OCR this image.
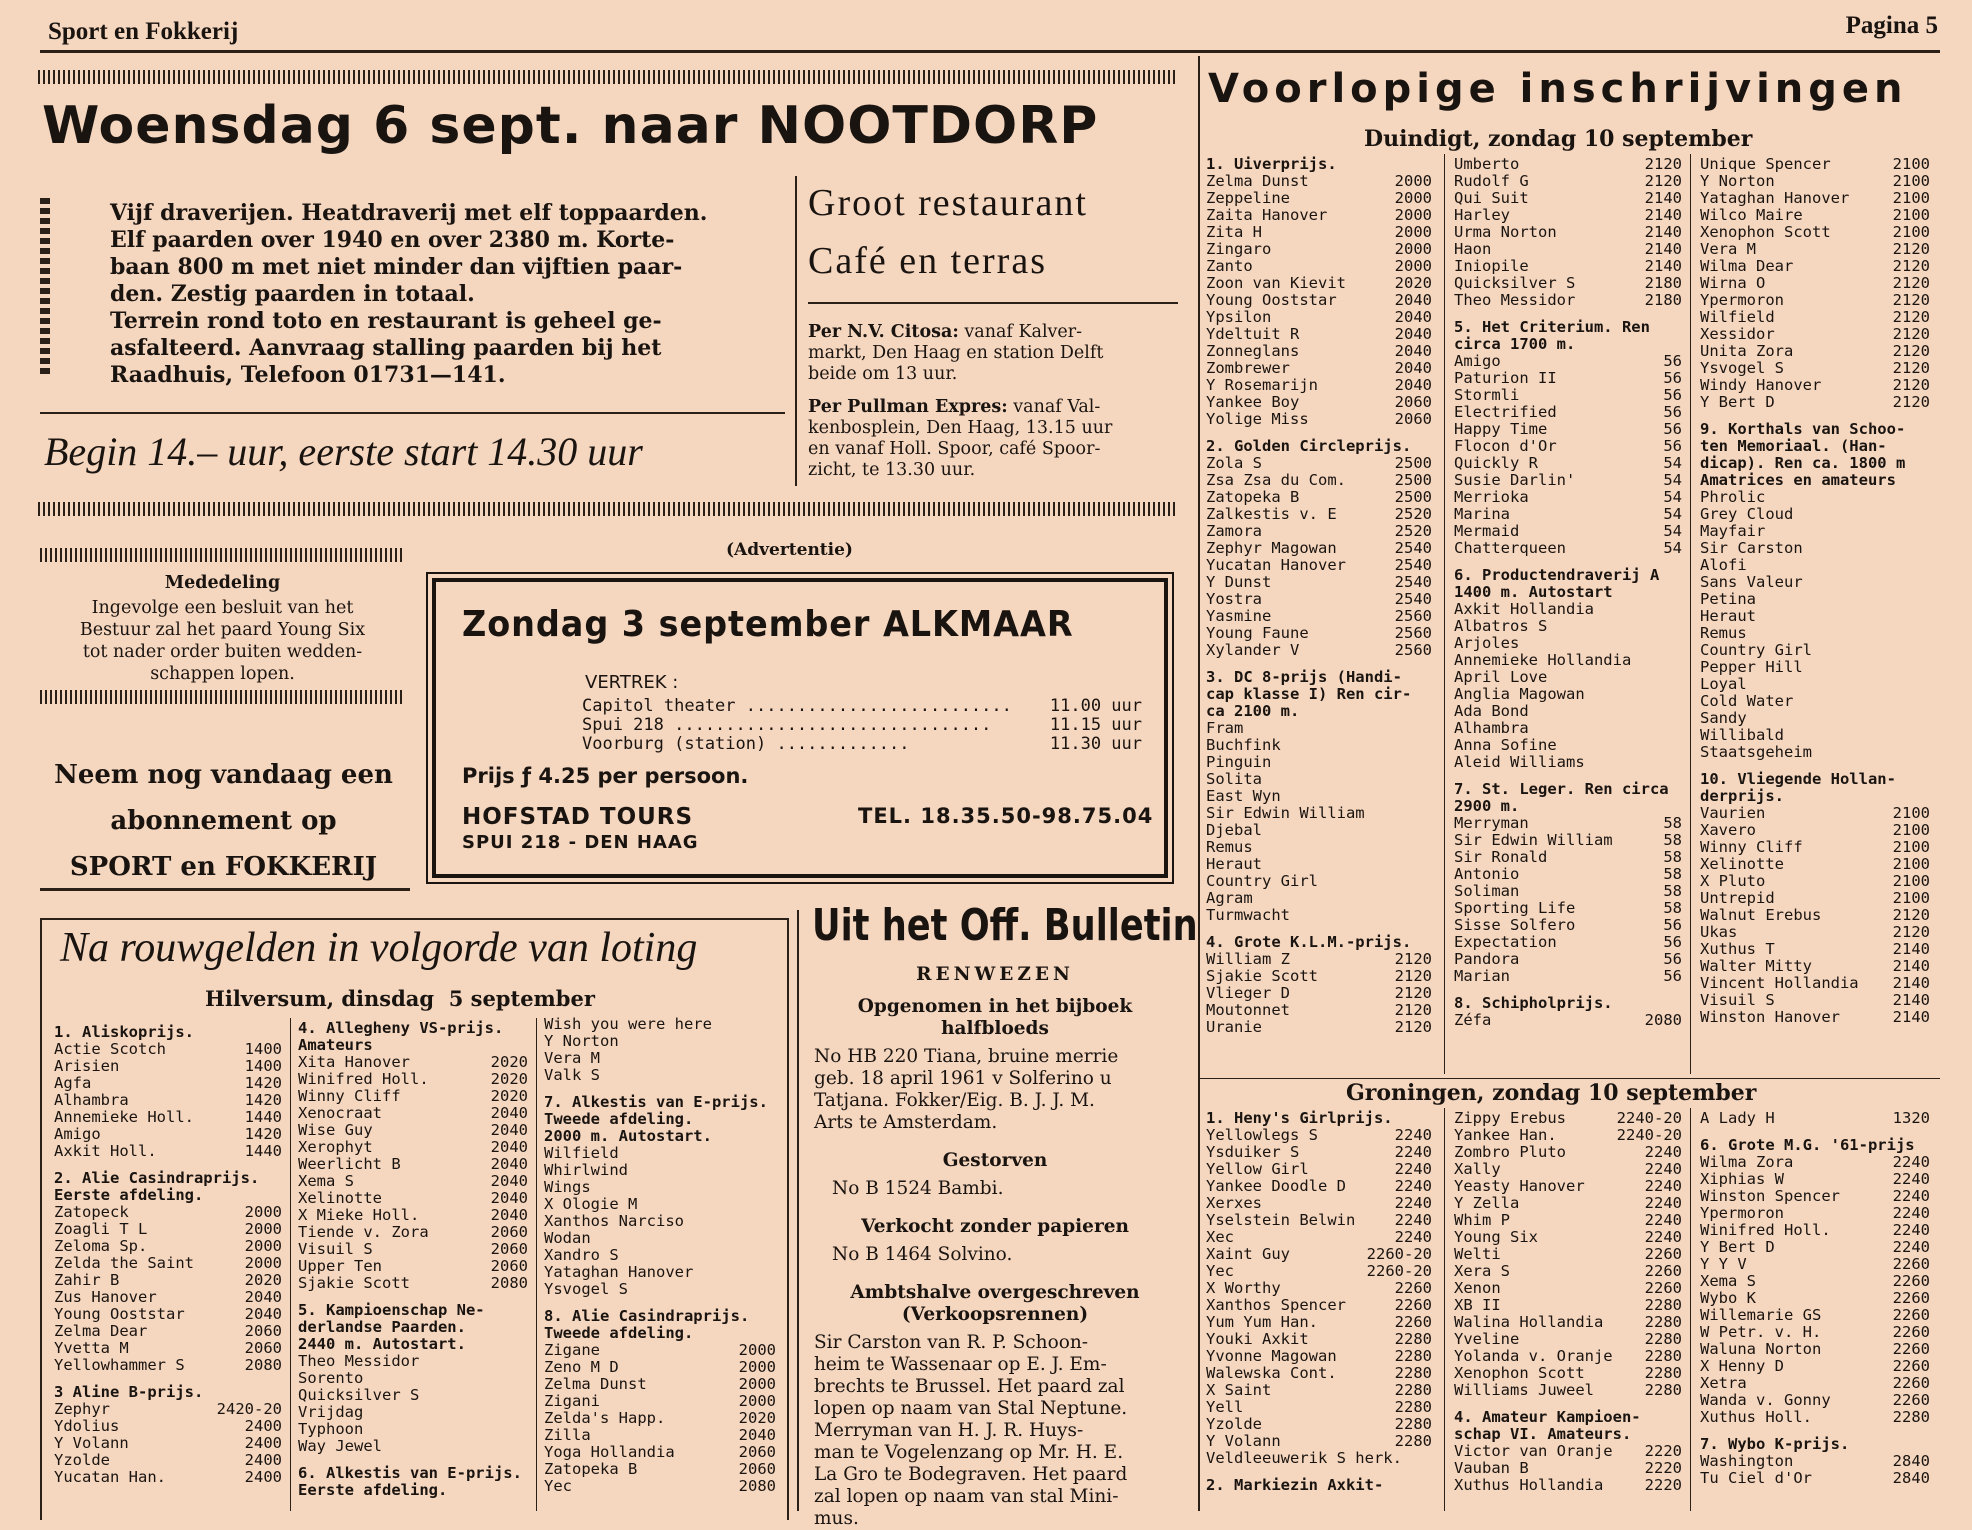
Sport en Fokkerij	Pagina 5
Woensdag 6 sept. naar NOOTDORP
Vijf draverijen. Heatdraverij met elf toppaarden.
Elf paarden over 1940 en over 2380 m. Korte-
baan 800 m met niet minder dan vijftien paar-
den. Zestig paarden in totaal.
Terrein rond toto en restaurant is geheel ge-
asfalteerd. Aanvraag stalling paarden bij het
Raadhuis, Telefoon 01731—141.
Begin 14.– uur, eerste start 14.30 uur
Groot restaurant
Café en terras
Per N.V. Citosa: vanaf Kalver-
markt, Den Haag en station Delft
beide om 13 uur.
Per Pullman Expres: vanaf Val-
kenbosplein, Den Haag, 13.15 uur
en vanaf Holl. Spoor, café Spoor-
zicht, te 13.30 uur.
Mededeling
Ingevolge een besluit van het
Bestuur zal het paard Young Six
tot nader order buiten wedden-
schappen lopen.
Neem nog vandaag een
abonnement op
SPORT en FOKKERIJ
(Advertentie)
Zondag 3 september ALKMAAR
VERTREK :
Capitol theater .......................... 11.00 uur
Spui 218 ...............................	11.15 uur
Voorburg (station) .............	11.30 uur
Prijs ƒ 4.25 per persoon.
HOFSTAD TOURS	TEL. 18.35.50-98.75.04
SPUI 218 - DEN HAAG
Na rouwgelden in volgorde van loting
Hilversum, dinsdag  5 september
1. Aliskoprijs.
Actie Scotch	1400
Arisien	1400
Agfa	1420
Alhambra	1420
Annemieke Holl.	1440
Amigo	1420
Axkit Holl.	1440
2. Alie Casindraprijs.
Eerste afdeling.
Zatopeck	2000
Zoagli T L	2000
Zeloma Sp.	2000
Zelda the Saint	2000
Zahir B	2020
Zus Hanover	2040
Young Ooststar	2040
Zelma Dear	2060
Yvetta M	2060
Yellowhammer S	2080
3 Aline B-prijs.
Zephyr	2420-20
Ydolius	2400
Y Volann	2400
Yzolde	2400
Yucatan Han.	2400
4. Allegheny VS-prijs.
Amateurs
Xita Hanover	2020
Winifred Holl.	2020
Winny Cliff	2020
Xenocraat	2040
Wise Guy	2040
Xerophyt	2040
Weerlicht B	2040
Xema S	2040
Xelinotte	2040
X Mieke Holl.	2040
Tiende v. Zora	2060
Visuil S	2060
Upper Ten	2060
Sjakie Scott	2080
5. Kampioenschap Ne-
derlandse Paarden.
2440 m. Autostart.
Theo Messidor
Sorento
Quicksilver S
Vrijdag
Typhoon
Way Jewel
6. Alkestis van E-prijs.
Eerste afdeling.
Wish you were here
Y Norton
Vera M
Valk S
7. Alkestis van E-prijs.
Tweede afdeling.
2000 m. Autostart.
Wilfield
Whirlwind
Wings
X Ologie M
Xanthos Narciso
Wodan
Xandro S
Yataghan Hanover
Ysvogel S
8. Alie Casindraprijs.
Tweede afdeling.
Zigane	2000
Zeno M D	2000
Zelma Dunst	2000
Zigani	2000
Zelda's Happ.	2020
Zilla	2040
Yoga Hollandia	2060
Zatopeka B	2060
Yec	2080
Uit het Off. Bulletin
RENWEZEN
Opgenomen in het bijboek
halfbloeds
No HB 220 Tiana, bruine merrie
geb. 18 april 1961 v Solferino u
Tatjana. Fokker/Eig. B. J. J. M.
Arts te Amsterdam.
Gestorven
No B 1524 Bambi.
Verkocht zonder papieren
No B 1464 Solvino.
Ambtshalve overgeschreven
(Verkoopsrennen)
Sir Carston van R. P. Schoon-
heim te Wassenaar op E. J. Em-
brechts te Brussel. Het paard zal
lopen op naam van Stal Neptune.
Merryman van H. J. R. Huys-
man te Vogelenzang op Mr. H. E.
La Gro te Bodegraven. Het paard
zal lopen op naam van stal Mini-
mus.
Voorlopige inschrijvingen
Duindigt, zondag 10 september
1. Uiverprijs.
Zelma Dunst	2000
Zeppeline	2000
Zaita Hanover	2000
Zita H	2000
Zingaro	2000
Zanto	2000
Zoon van Kievit	2020
Young Ooststar	2040
Ypsilon	2040
Ydeltuit R	2040
Zonneglans	2040
Zombrewer	2040
Y Rosemarijn	2040
Yankee Boy	2060
Yolige Miss	2060
2. Golden Circleprijs.
Zola S	2500
Zsa Zsa du Com.	2500
Zatopeka B	2500
Zalkestis v. E	2520
Zamora	2520
Zephyr Magowan	2540
Yucatan Hanover	2540
Y Dunst	2540
Yostra	2540
Yasmine	2560
Young Faune	2560
Xylander V	2560
3. DC 8-prijs (Handi-
cap klasse I) Ren cir-
ca 2100 m.
Fram
Buchfink
Pinguin
Solita
East Wyn
Sir Edwin William
Djebal
Remus
Heraut
Country Girl
Agram
Turmwacht
4. Grote K.L.M.-prijs.
William Z	2120
Sjakie Scott	2120
Vlieger D	2120
Moutonnet	2120
Uranie	2120
Umberto	2120
Rudolf G	2120
Qui Suit	2140
Harley	2140
Urma Norton	2140
Haon	2140
Iniopile	2140
Quicksilver S	2180
Theo Messidor	2180
5. Het Criterium. Ren
circa 1700 m.
Amigo	56
Paturion II	56
Stormli	56
Electrified	56
Happy Time	56
Flocon d'Or	56
Quickly R	54
Susie Darlin'	54
Merrioka	54
Marina	54
Mermaid	54
Chatterqueen	54
6. Productendraverij A
1400 m. Autostart
Axkit Hollandia
Albatros S
Arjoles
Annemieke Hollandia
April Love
Anglia Magowan
Ada Bond
Alhambra
Anna Sofine
Aleid Williams
7. St. Leger. Ren circa
2900 m.
Merryman	58
Sir Edwin William	58
Sir Ronald	58
Antonio	58
Soliman	58
Sporting Life	58
Sisse Solfero	56
Expectation	56
Pandora	56
Marian	56
8. Schipholprijs.
Zéfa	2080
Unique Spencer	2100
Y Norton	2100
Yataghan Hanover	2100
Wilco Maire	2100
Xenophon Scott	2100
Vera M	2120
Wilma Dear	2120
Wirna O	2120
Ypermoron	2120
Wilfield	2120
Xessidor	2120
Unita Zora	2120
Ysvogel S	2120
Windy Hanover	2120
Y Bert D	2120
9. Korthals van Schoo-
ten Memoriaal. (Han-
dicap). Ren ca. 1800 m
Amatrices en amateurs
Phrolic
Grey Cloud
Mayfair
Sir Carston
Alofi
Sans Valeur
Petina
Heraut
Remus
Country Girl
Pepper Hill
Loyal
Cold Water
Sandy
Willibald
Staatsgeheim
10. Vliegende Hollan-
derprijs.
Vaurien	2100
Xavero	2100
Winny Cliff	2100
Xelinotte	2100
X Pluto	2100
Untrepid	2100
Walnut Erebus	2120
Ukas	2120
Xuthus T	2140
Walter Mitty	2140
Vincent Hollandia 2140
Visuil S	2140
Winston Hanover	2140
Groningen, zondag 10 september
1. Heny's Girlprijs.
Yellowlegs S	2240
Ysduiker S	2240
Yellow Girl	2240
Yankee Doodle D	2240
Xerxes	2240
Yselstein Belwin	2240
Xec	2240
Xaint Guy	2260-20
Yec	2260-20
X Worthy	2260
Xanthos Spencer	2260
Yum Yum Han.	2260
Youki Axkit	2280
Yvonne Magowan	2280
Walewska Cont.	2280
X Saint	2280
Yell	2280
Yzolde	2280
Y Volann	2280
Veldleeuwerik S herk.
2. Markiezin Axkit-
Zippy Erebus	2240-20
Yankee Han.	2240-20
Zombro Pluto	2240
Xally	2240
Yeasty Hanover	2240
Y Zella	2240
Whim P	2240
Young Six	2240
Welti	2260
Xera S	2260
Xenon	2260
XB II	2280
Walina Hollandia	2280
Yveline	2280
Yolanda v. Oranje 2280
Xenophon Scott	2280
Williams Juweel	2280
4. Amateur Kampioen-
schap VI. Amateurs.
Victor van Oranje 2220
Vauban B	2220
Xuthus Hollandia	2220
A Lady H	1320
6. Grote M.G. '61-prijs
Wilma Zora	2240
Xiphias W	2240
Winston Spencer	2240
Ypermoron	2240
Winifred Holl.	2240
Y Bert D	2240
Y Y V	2260
Xema S	2260
Wybo K	2260
Willemarie GS	2260
W Petr. v. H.	2260
Waluna Norton	2260
X Henny D	2260
Xetra	2260
Wanda v. Gonny	2260
Xuthus Holl.	2280
7. Wybo K-prijs.
Washington	2840
Tu Ciel d'Or	2840
